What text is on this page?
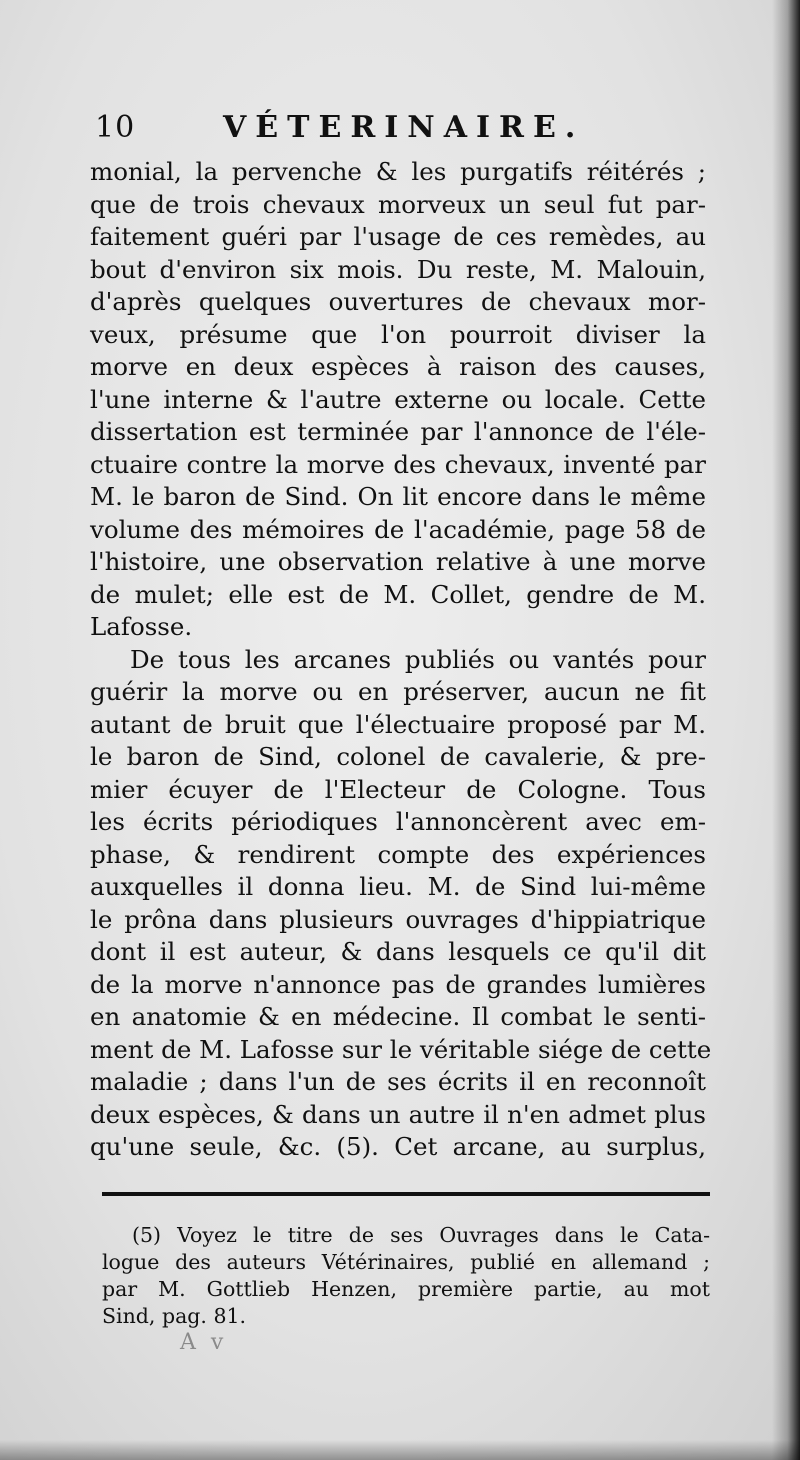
10	VÉTERINAIRE.
monial, la pervenche & les purgatifs réitérés ;
que de trois chevaux morveux un seul fut par-
faitement guéri par l'usage de ces remèdes, au
bout d'environ six mois. Du reste, M. Malouin,
d'après quelques ouvertures de chevaux mor-
veux, présume que l'on pourroit diviser la
morve en deux espèces à raison des causes,
l'une interne & l'autre externe ou locale. Cette
dissertation est terminée par l'annonce de l'éle-
ctuaire contre la morve des chevaux, inventé par
M. le baron de Sind. On lit encore dans le même
volume des mémoires de l'académie, page 58 de
l'histoire, une observation relative à une morve
de mulet; elle est de M. Collet, gendre de M.
Lafosse.
De tous les arcanes publiés ou vantés pour
guérir la morve ou en préserver, aucun ne fit
autant de bruit que l'électuaire proposé par M.
le baron de Sind, colonel de cavalerie, & pre-
mier écuyer de l'Electeur de Cologne. Tous
les écrits périodiques l'annoncèrent avec em-
phase, & rendirent compte des expériences
auxquelles il donna lieu. M. de Sind lui-même
le prôna dans plusieurs ouvrages d'hippiatrique
dont il est auteur, & dans lesquels ce qu'il dit
de la morve n'annonce pas de grandes lumières
en anatomie & en médecine. Il combat le senti-
ment de M. Lafosse sur le véritable siége de cette
maladie ; dans l'un de ses écrits il en reconnoît
deux espèces, & dans un autre il n'en admet plus
qu'une seule, &c. (5). Cet arcane, au surplus,
(5) Voyez le titre de ses Ouvrages dans le Cata-
logue des auteurs Vétérinaires, publié en allemand ;
par M. Gottlieb Henzen, première partie, au mot
Sind, pag. 81.
A v
